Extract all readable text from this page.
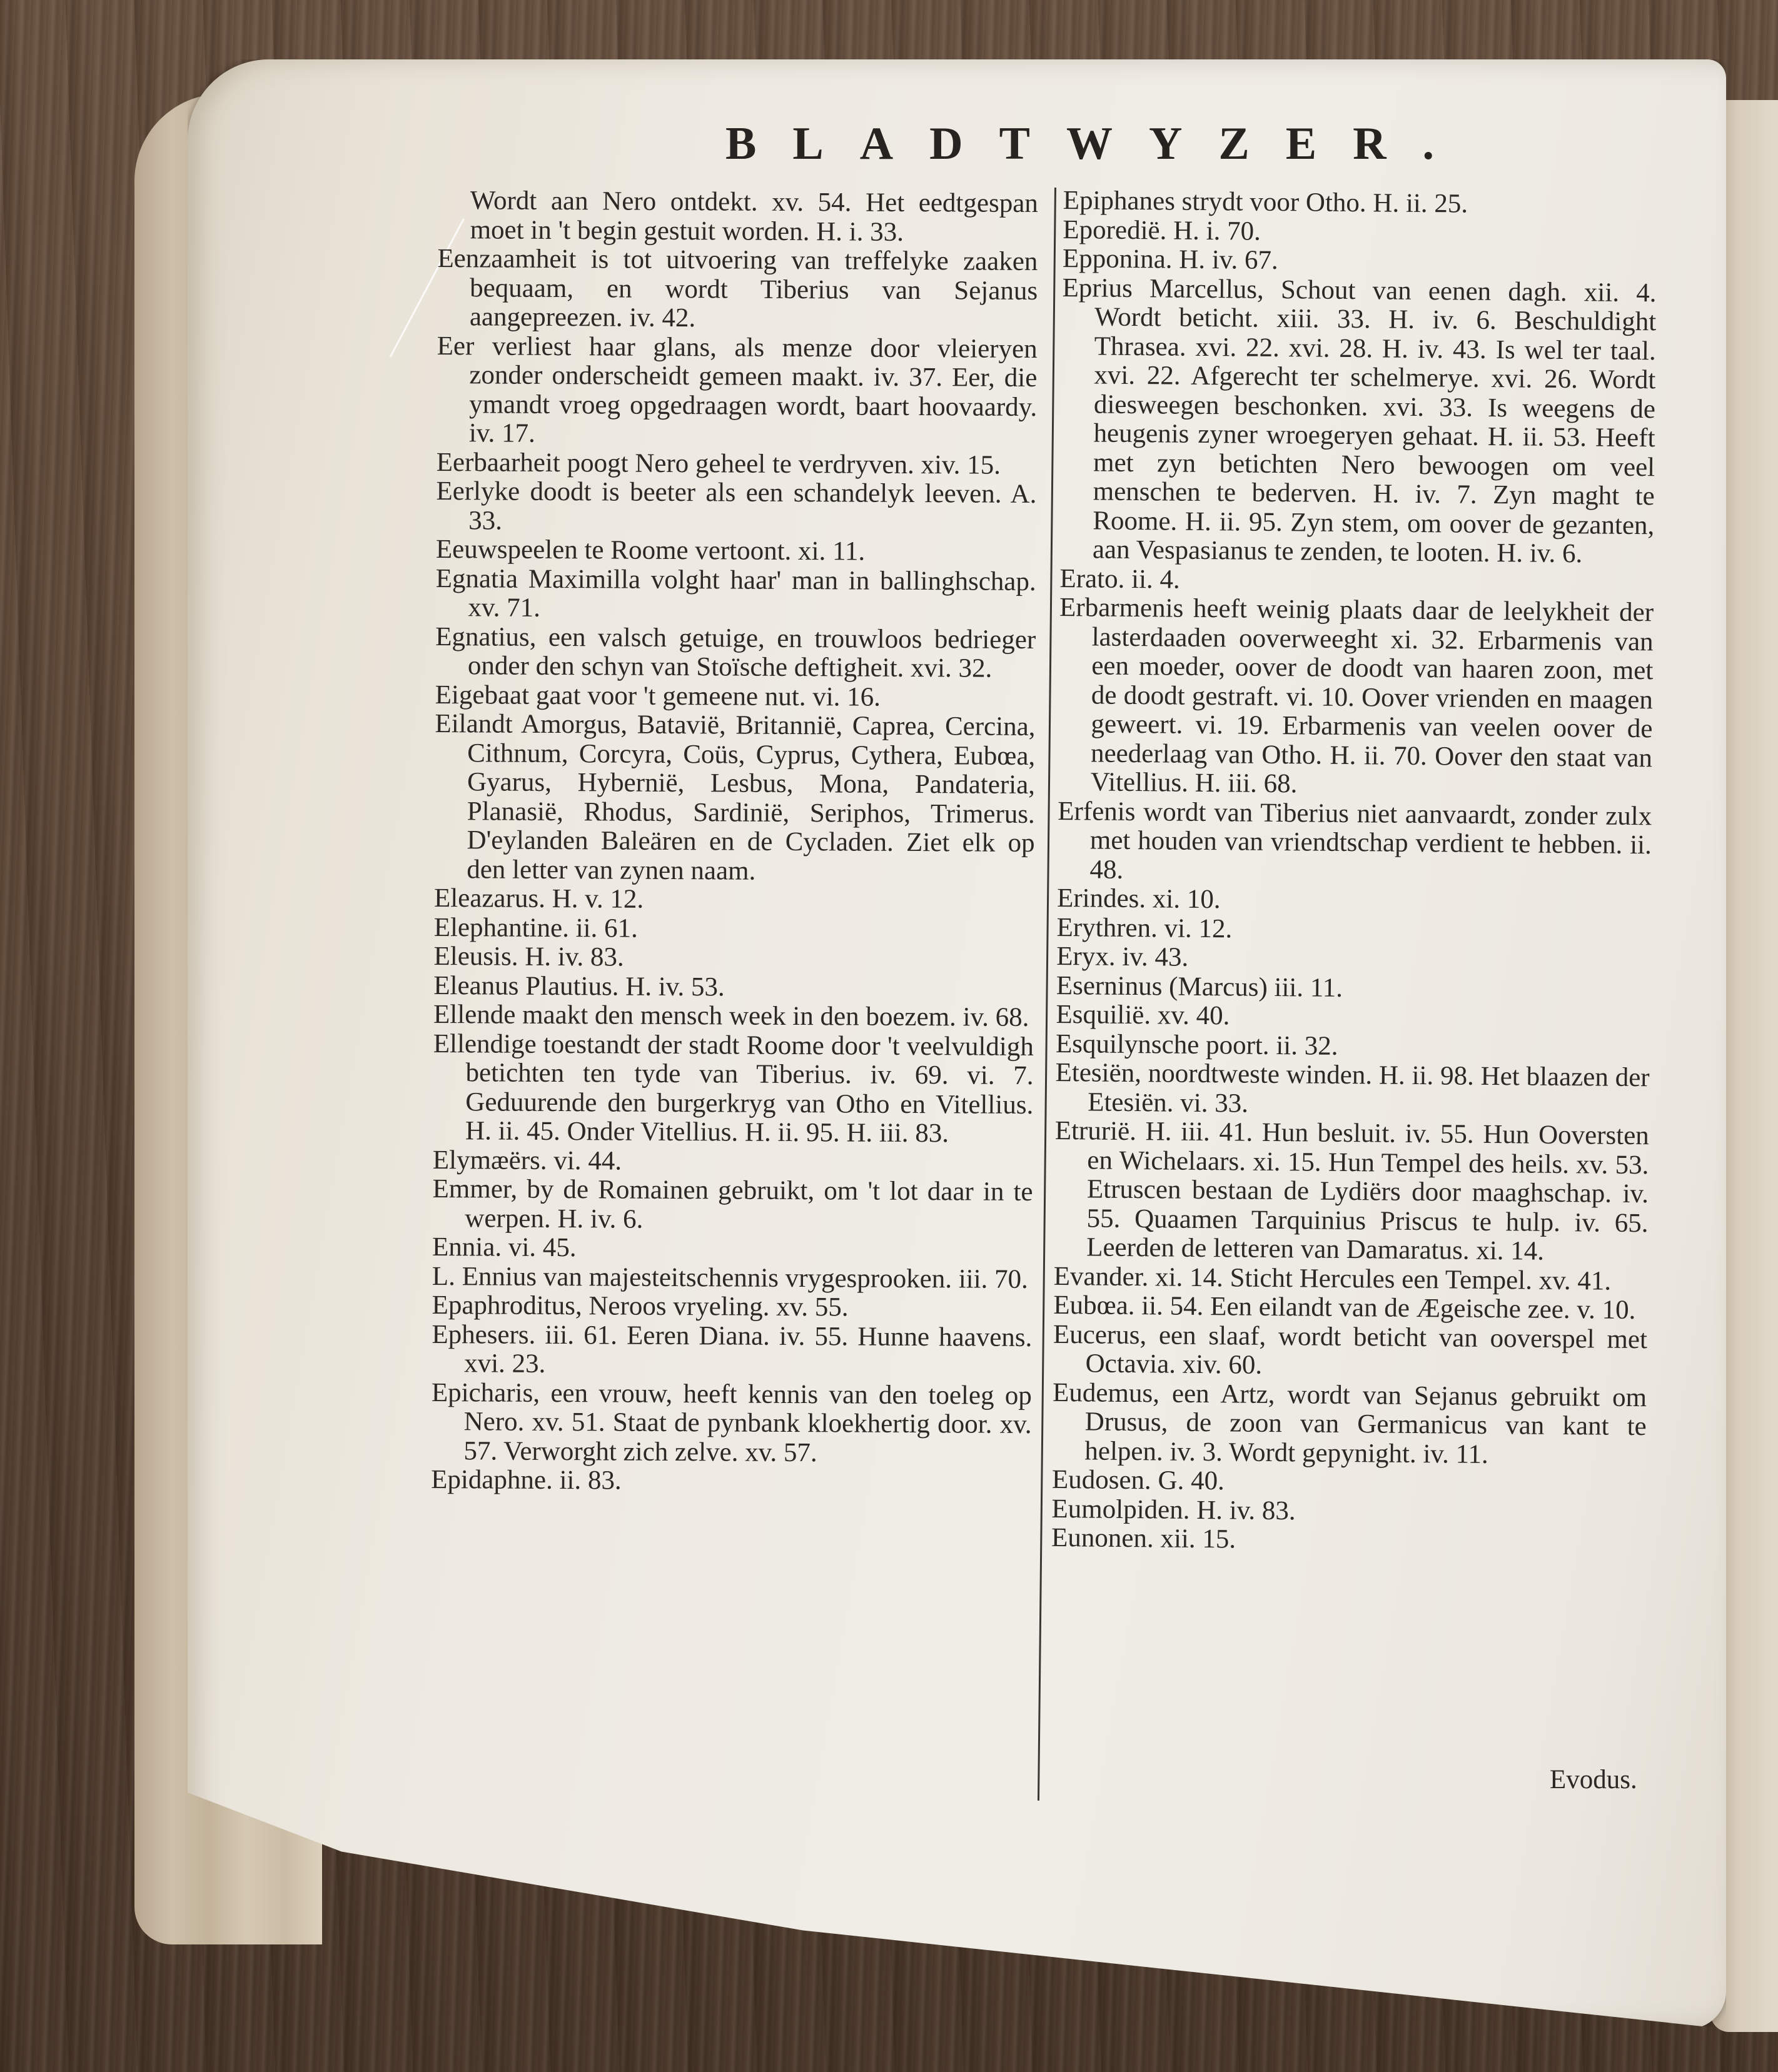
BLADTWYZER.

Wordt aan Nero ontdekt. xv. 54. Het eedtgespan moet in 't begin gestuit worden. H. i. 33.

Eenzaamheit is tot uitvoering van treffelyke zaaken bequaam, en wordt Tiberius van Sejanus aangepreezen. iv. 42.

Eer verliest haar glans, als menze door vleieryen zonder onderscheidt gemeen maakt. iv. 37. Eer, die ymandt vroeg opgedraagen wordt, baart hoovaardy. iv. 17.

Eerbaarheit poogt Nero geheel te verdryven. xiv. 15.

Eerlyke doodt is beeter als een schandelyk leeven. A. 33.

Eeuwspeelen te Roome vertoont. xi. 11.

Egnatia Maximilla volght haar' man in ballinghschap. xv. 71.

Egnatius, een valsch getuige, en trouwloos bedrieger onder den schyn van Stoïsche deftigheit. xvi. 32.

Eigebaat gaat voor 't gemeene nut. vi. 16.

Eilandt Amorgus, Batavië, Britannië, Caprea, Cercina, Cithnum, Corcyra, Coüs, Cyprus, Cythera, Eubœa, Gyarus, Hybernië, Lesbus, Mona, Pandateria, Planasië, Rhodus, Sardinië, Seriphos, Trimerus. D'eylanden Baleären en de Cycladen. Ziet elk op den letter van zynen naam.

Eleazarus. H. v. 12.

Elephantine. ii. 61.

Eleusis. H. iv. 83.

Eleanus Plautius. H. iv. 53.

Ellende maakt den mensch week in den boezem. iv. 68.

Ellendige toestandt der stadt Roome door 't veelvuldigh betichten ten tyde van Tiberius. iv. 69. vi. 7. Geduurende den burgerkryg van Otho en Vitellius. H. ii. 45. Onder Vitellius. H. ii. 95. H. iii. 83.

Elymæërs. vi. 44.

Emmer, by de Romainen gebruikt, om 't lot daar in te werpen. H. iv. 6.

Ennia. vi. 45.

L. Ennius van majesteitschennis vrygesprooken. iii. 70.

Epaphroditus, Neroos vryeling. xv. 55.

Ephesers. iii. 61. Eeren Diana. iv. 55. Hunne haavens. xvi. 23.

Epicharis, een vrouw, heeft kennis van den toeleg op Nero. xv. 51. Staat de pynbank kloekhertig door. xv. 57. Verworght zich zelve. xv. 57.

Epidaphne. ii. 83.

Epiphanes strydt voor Otho. H. ii. 25.

Eporedië. H. i. 70.

Epponina. H. iv. 67.

Eprius Marcellus, Schout van eenen dagh. xii. 4. Wordt beticht. xiii. 33. H. iv. 6. Beschuldight Thrasea. xvi. 22. xvi. 28. H. iv. 43. Is wel ter taal. xvi. 22. Afgerecht ter schelmerye. xvi. 26. Wordt diesweegen beschonken. xvi. 33. Is weegens de heugenis zyner wroegeryen gehaat. H. ii. 53. Heeft met zyn betichten Nero bewoogen om veel menschen te bederven. H. iv. 7. Zyn maght te Roome. H. ii. 95. Zyn stem, om oover de gezanten, aan Vespasianus te zenden, te looten. H. iv. 6.

Erato. ii. 4.

Erbarmenis heeft weinig plaats daar de leelykheit der lasterdaaden ooverweeght xi. 32. Erbarmenis van een moeder, oover de doodt van haaren zoon, met de doodt gestraft. vi. 10. Oover vrienden en maagen geweert. vi. 19. Erbarmenis van veelen oover de neederlaag van Otho. H. ii. 70. Oover den staat van Vitellius. H. iii. 68.

Erfenis wordt van Tiberius niet aanvaardt, zonder zulx met houden van vriendtschap verdient te hebben. ii. 48.

Erindes. xi. 10.

Erythren. vi. 12.

Eryx. iv. 43.

Eserninus (Marcus) iii. 11.

Esquilië. xv. 40.

Esquilynsche poort. ii. 32.

Etesiën, noordtweste winden. H. ii. 98. Het blaazen der Etesiën. vi. 33.

Etrurië. H. iii. 41. Hun besluit. iv. 55. Hun Ooversten en Wichelaars. xi. 15. Hun Tempel des heils. xv. 53. Etruscen bestaan de Lydiërs door maaghschap. iv. 55. Quaamen Tarquinius Priscus te hulp. iv. 65. Leerden de letteren van Damaratus. xi. 14.

Evander. xi. 14. Sticht Hercules een Tempel. xv. 41.

Eubœa. ii. 54. Een eilandt van de Ægeische zee. v. 10.

Eucerus, een slaaf, wordt beticht van ooverspel met Octavia. xiv. 60.

Eudemus, een Artz, wordt van Sejanus gebruikt om Drusus, de zoon van Germanicus van kant te helpen. iv. 3. Wordt gepynight. iv. 11.

Eudosen. G. 40.

Eumolpiden. H. iv. 83.

Eunonen. xii. 15.

Evodus.
